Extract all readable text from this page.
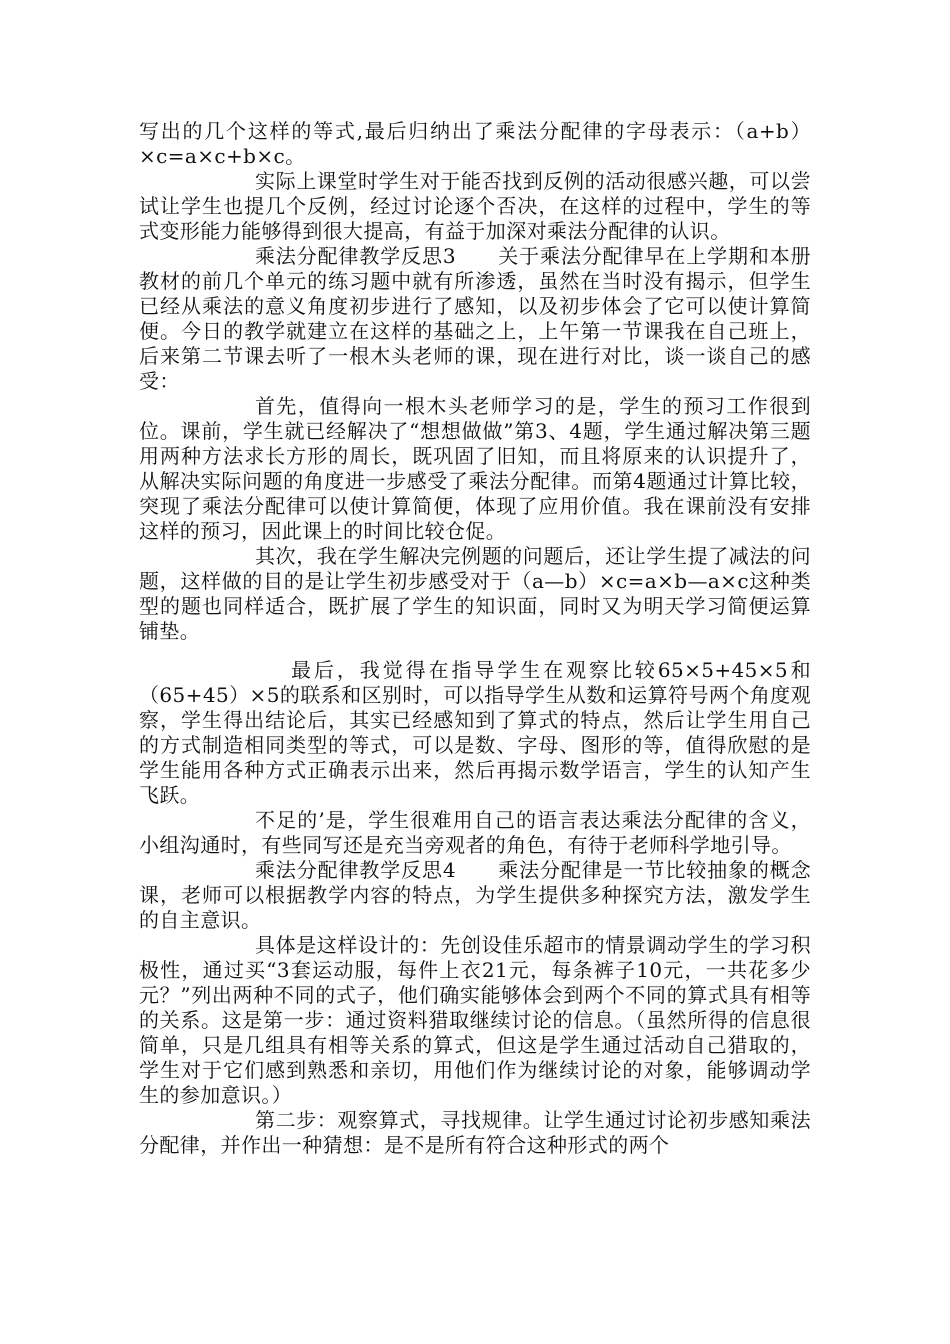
写出的几个这样的等式,最后归纳出了乘法分配律的字母表示：（a+b）×c=a×c+b×c。

实际上课堂时学生对于能否找到反例的活动很感兴趣，可以尝试让学生也提几个反例，经过讨论逐个否决，在这样的过程中，学生的等式变形能力能够得到很大提高，有益于加深对乘法分配律的认识。

乘法分配律教学反思3　　关于乘法分配律早在上学期和本册教材的前几个单元的练习题中就有所渗透，虽然在当时没有揭示，但学生已经从乘法的意义角度初步进行了感知，以及初步体会了它可以使计算简便。今日的教学就建立在这样的基础之上，上午第一节课我在自己班上，后来第二节课去听了一根木头老师的课，现在进行对比，谈一谈自己的感受：

首先，值得向一根木头老师学习的是，学生的预习工作很到位。课前，学生就已经解决了“想想做做”第3、4题，学生通过解决第三题用两种方法求长方形的周长，既巩固了旧知，而且将原来的认识提升了，从解决实际问题的角度进一步感受了乘法分配律。而第4题通过计算比较，突现了乘法分配律可以使计算简便，体现了应用价值。我在课前没有安排这样的预习，因此课上的时间比较仓促。

其次，我在学生解决完例题的问题后，还让学生提了减法的问题，这样做的目的是让学生初步感受对于（a—b）×c=a×b—a×c这种类型的题也同样适合，既扩展了学生的知识面，同时又为明天学习简便运算铺垫。

最后，我觉得在指导学生在观察比较65×5+45×5和（65+45）×5的联系和区别时，可以指导学生从数和运算符号两个角度观察，学生得出结论后，其实已经感知到了算式的特点，然后让学生用自己的方式制造相同类型的等式，可以是数、字母、图形的等，值得欣慰的是学生能用各种方式正确表示出来，然后再揭示数学语言，学生的认知产生飞跃。

不足的’是，学生很难用自己的语言表达乘法分配律的含义，小组沟通时，有些同写还是充当旁观者的角色，有待于老师科学地引导。

乘法分配律教学反思4　　乘法分配律是一节比较抽象的概念课，老师可以根据教学内容的特点，为学生提供多种探究方法，激发学生的自主意识。

具体是这样设计的：先创设佳乐超市的情景调动学生的学习积极性，通过买“3套运动服，每件上衣21元，每条裤子10元，一共花多少元？”列出两种不同的式子，他们确实能够体会到两个不同的算式具有相等的关系。这是第一步：通过资料猎取继续讨论的信息。（虽然所得的信息很简单，只是几组具有相等关系的算式，但这是学生通过活动自己猎取的，学生对于它们感到熟悉和亲切，用他们作为继续讨论的对象，能够调动学生的参加意识。）

第二步：观察算式，寻找规律。让学生通过讨论初步感知乘法分配律，并作出一种猜想：是不是所有符合这种形式的两个
